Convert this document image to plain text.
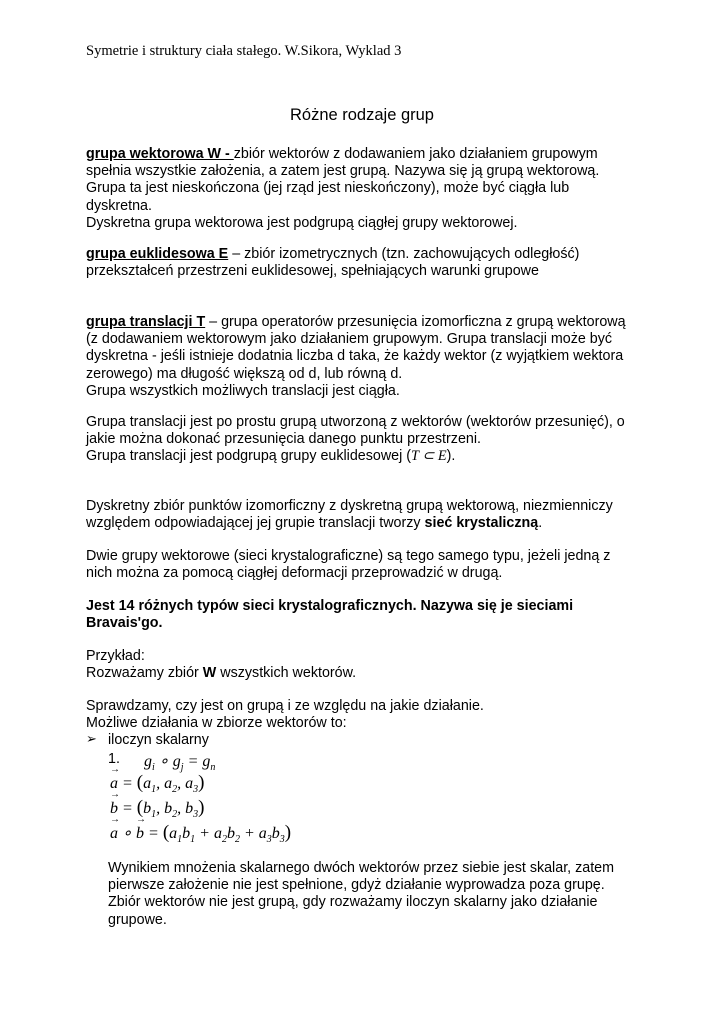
Symetrie i struktury ciała stałego. W.Sikora, Wyklad 3
Różne rodzaje grup
grupa wektorowa W - zbiór wektorów z dodawaniem jako działaniem grupowym
spełnia wszystkie założenia, a zatem jest grupą. Nazywa się ją grupą wektorową.
Grupa ta jest nieskończona (jej rząd jest nieskończony), może być ciągła lub
dyskretna.
Dyskretna grupa wektorowa jest podgrupą ciągłej grupy wektorowej.
grupa euklidesowa E – zbiór izometrycznych (tzn. zachowujących odległość)
przekształceń przestrzeni euklidesowej, spełniających warunki grupowe
grupa translacji T – grupa operatorów przesunięcia izomorficzna z grupą wektorową
(z dodawaniem wektorowym jako działaniem grupowym. Grupa translacji może być
dyskretna - jeśli istnieje dodatnia liczba d taka, że każdy wektor (z wyjątkiem wektora
zerowego) ma długość większą od d, lub równą d.
Grupa wszystkich możliwych translacji jest ciągła.
Grupa translacji jest po prostu grupą utworzoną z wektorów (wektorów przesunięć), o
jakie można dokonać przesunięcia danego punktu przestrzeni.
Grupa translacji jest podgrupą grupy euklidesowej (T ⊂ E).
Dyskretny zbiór punktów izomorficzny z dyskretną grupą wektorową, niezmienniczy
względem odpowiadającej jej grupie translacji tworzy sieć krystaliczną.
Dwie grupy wektorowe (sieci krystalograficzne) są tego samego typu, jeżeli jedną z
nich można za pomocą ciągłej deformacji przeprowadzić w drugą.
Jest 14 różnych typów sieci krystalograficznych. Nazywa się je sieciami
Bravais'go.
Przykład:
Rozważamy zbiór W wszystkich wektorów.
Sprawdzamy, czy jest on grupą i ze względu na jakie działanie.
Możliwe działania w zbiorze wektorów to:
➢ iloczyn skalarny
1.	$g_i$ ∘ $g_j = g_n$
→ $a = (a_1$, $a_2$, $a_3$)
→ $b = (b_1$, $b_2$, $b_3$)
→ a ∘ → $b = (a_1b_1 + a_2b_2 + a_3b_3)$
Wynikiem mnożenia skalarnego dwóch wektorów przez siebie jest skalar, zatem
pierwsze założenie nie jest spełnione, gdyż działanie wyprowadza poza grupę.
Zbiór wektorów nie jest grupą, gdy rozważamy iloczyn skalarny jako działanie
grupowe.
